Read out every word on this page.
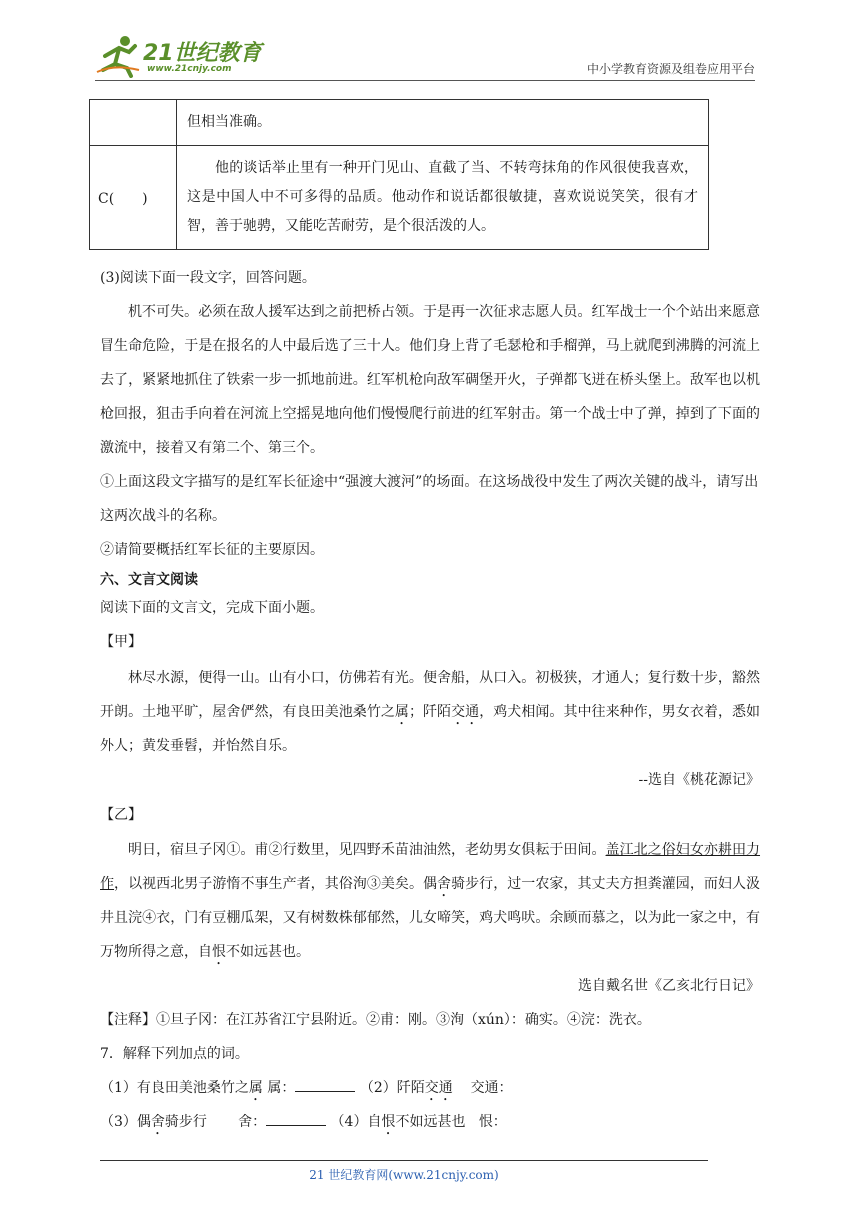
21世纪教育
www.21cnjy.com	中小学教育资源及组卷应用平台
	但相当准确。
C(　　)	他的谈话举止里有一种开门见山、直截了当、不转弯抹角的作风很使我喜欢，这是中国人中不可多得的品质。他动作和说话都很敏捷，喜欢说说笑笑，很有才智，善于驰骋，又能吃苦耐劳，是个很活泼的人。

(3)阅读下面一段文字，回答问题。

机不可失。必须在敌人援军达到之前把桥占领。于是再一次征求志愿人员。红军战士一个个站出来愿意冒生命危险，于是在报名的人中最后选了三十人。他们身上背了毛瑟枪和手榴弹，马上就爬到沸腾的河流上去了，紧紧地抓住了铁索一步一抓地前进。红军机枪向敌军碉堡开火，子弹都飞迸在桥头堡上。敌军也以机枪回报，狙击手向着在河流上空摇晃地向他们慢慢爬行前进的红军射击。第一个战士中了弹，掉到了下面的激流中，接着又有第二个、第三个。

①上面这段文字描写的是红军长征途中“强渡大渡河”的场面。在这场战役中发生了两次关键的战斗，请写出这两次战斗的名称。

②请简要概括红军长征的主要原因。

六、文言文阅读

阅读下面的文言文，完成下面小题。

【甲】

林尽水源，便得一山。山有小口，仿佛若有光。便舍船，从口入。初极狭，才通人；复行数十步，豁然开朗。土地平旷，屋舍俨然，有良田美池桑竹之属；阡陌交通，鸡犬相闻。其中往来种作，男女衣着，悉如外人；黄发垂髫，并怡然自乐。

--选自《桃花源记》

【乙】

明日，宿旦子冈①。甫②行数里，见四野禾苗油油然，老幼男女俱耘于田间。盖江北之俗妇女亦耕田力作，以视西北男子游惰不事生产者，其俗洵③美矣。偶舍骑步行，过一农家，其丈夫方担粪灌园，而妇人汲井且浣④衣，门有豆棚瓜架，又有树数株郁郁然，儿女啼笑，鸡犬鸣吠。余顾而慕之，以为此一家之中，有万物所得之意，自恨不如远甚也。

选自戴名世《乙亥北行日记》

【注释】①旦子冈：在江苏省江宁县附近。②甫：刚。③洵（xún）：确实。④浣：洗衣。

7．解释下列加点的词。

（1）有良田美池桑竹之属 属：	（2）阡陌交通 交通：

（3）偶舍骑步行 舍：	（4）自恨不如远甚也 恨：

21 世纪教育网(www.21cnjy.com)
